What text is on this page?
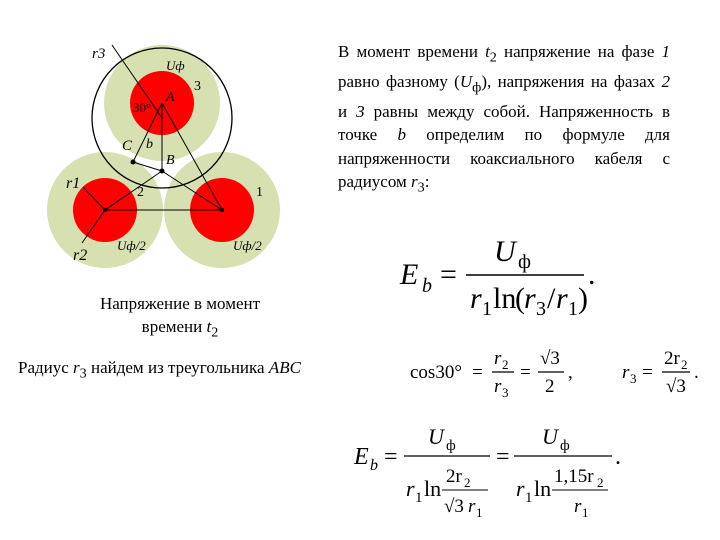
r3
Uф
3
A
30°
C b
B
r1
2	1
r2
Uф/2	Uф/2
В момент времени $t_2$ напряжение на фазе 1 равно фазному $(U_ф)$, напряжения на фазах 2 и 3 равны между собой. Напряженность в точке b определим по формуле для напряженности коаксиального кабеля с радиусом $r_3$:
Напряжение в момент
времени $t_2$
Радиус $r_3$ найдем из треугольника ABC
E b =
U ф
r 1 ln
( r 3 / r 1 )
.
cos30° =
r 2
r 3
=
√3
2
,	r 3 =
2r 2
√3
.
E b =
U ф
r 1 ln 2r 2
√3 r 1
=
U ф
r 1 ln 1,15r 2
r 1
.
